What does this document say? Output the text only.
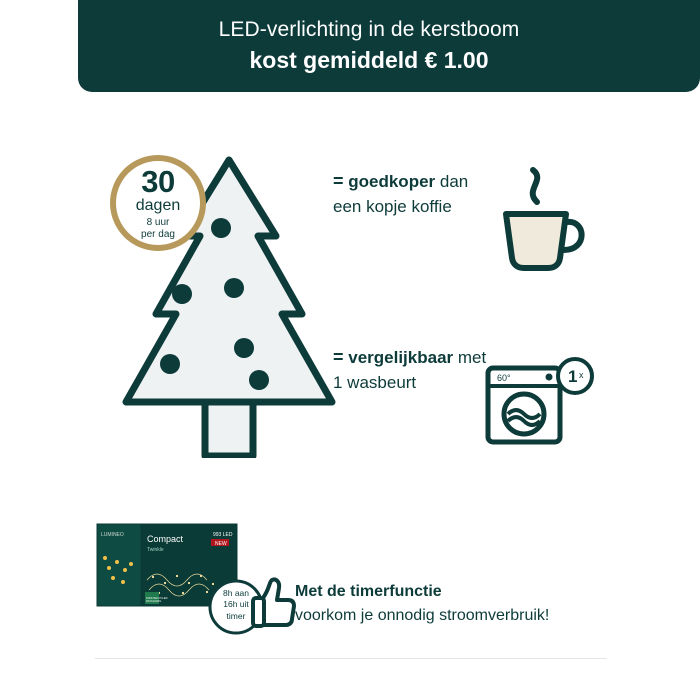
LED-verlichting in de kerstboom
kost gemiddeld € 1.00
30
dagen
8 uur
per dag
= goedkoper dan
een kopje koffie
= vergelijkbaar met
1 wasbeurt	60°	1 x
LUMINEO	Compact
Twinkle
993 LED
NEW
100% RECYCLED
PACKAGING
8h aan
16h uit
timer
Met de timerfunctie
voorkom je onnodig stroomverbruik!
